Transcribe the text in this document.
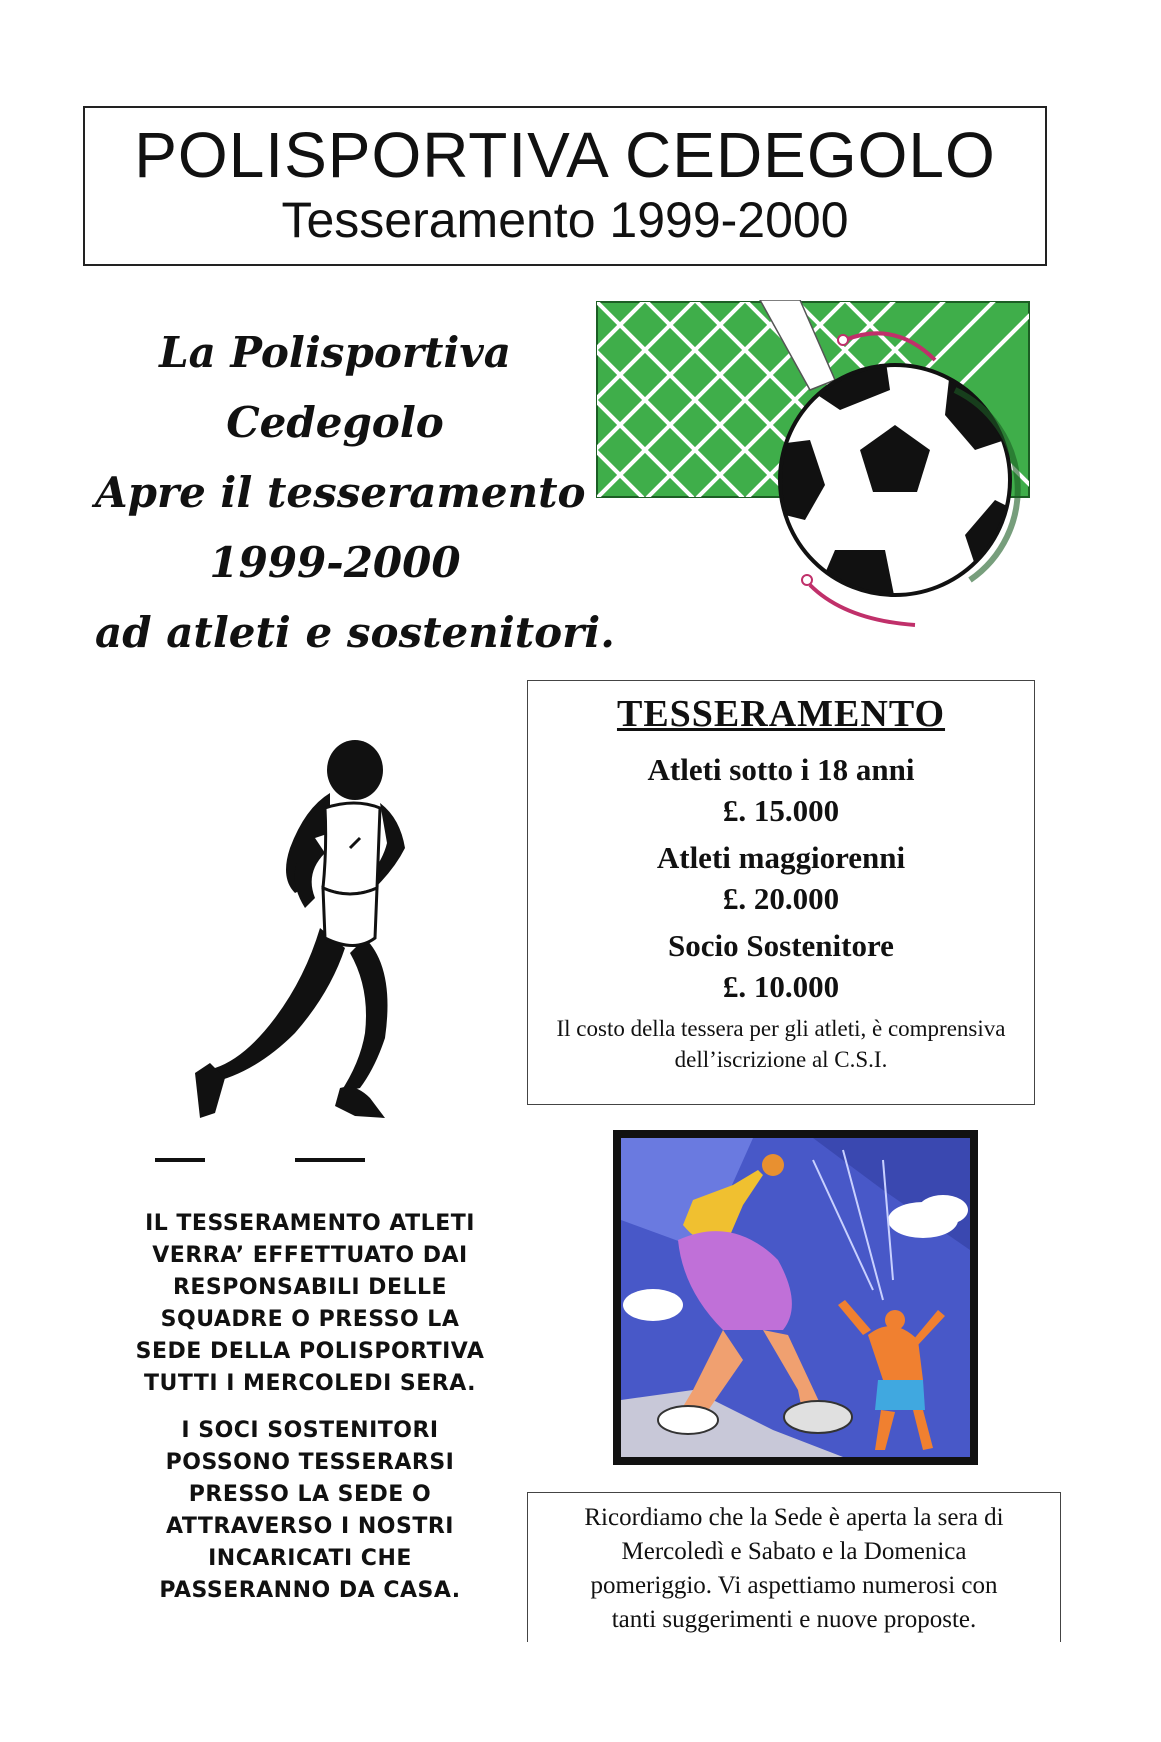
POLISPORTIVA CEDEGOLO
Tesseramento 1999-2000
La Polisportiva
Cedegolo
Apre il tesseramento
1999-2000
ad atleti e sostenitori.
TESSERAMENTO
Atleti sotto i 18 anni
£. 15.000
Atleti maggiorenni
£. 20.000
Socio Sostenitore
£. 10.000
Il costo della tessera per gli atleti, è comprensiva dell’iscrizione al C.S.I.
IL TESSERAMENTO ATLETI
VERRA’ EFFETTUATO DAI
RESPONSABILI DELLE
SQUADRE O PRESSO LA
SEDE DELLA POLISPORTIVA
TUTTI I MERCOLEDI SERA.
I SOCI SOSTENITORI
POSSONO TESSERARSI
PRESSO LA SEDE O
ATTRAVERSO I NOSTRI
INCARICATI CHE
PASSERANNO DA CASA.
Ricordiamo che la Sede è aperta la sera di
Mercoledì e Sabato e la Domenica
pomeriggio. Vi aspettiamo numerosi con
tanti suggerimenti e nuove proposte.
